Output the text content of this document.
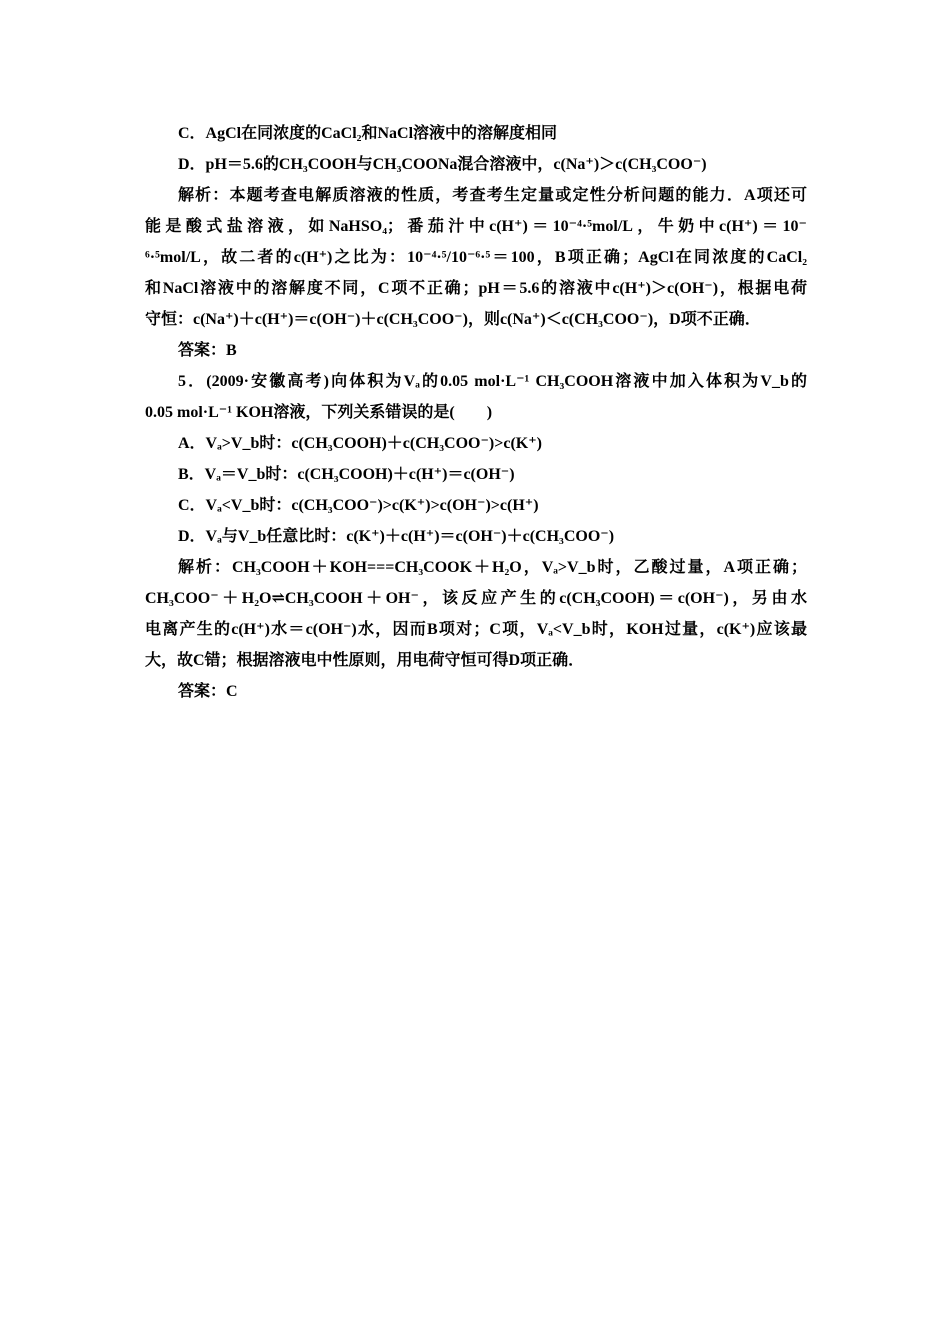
C．AgCl在同浓度的CaCl₂和NaCl溶液中的溶解度相同
D．pH＝5.6的CH₃COOH与CH₃COONa混合溶液中，c(Na⁺)＞c(CH₃COO⁻)
解析：本题考查电解质溶液的性质，考查考生定量或定性分析问题的能力．A项还可
能是酸式盐溶液，如NaHSO₄；番茄汁中c(H⁺)＝10⁻⁴·⁵mol/L，牛奶中c(H⁺)＝10⁻
⁶·⁵mol/L，故二者的c(H⁺)之比为：10⁻⁴·⁵/10⁻⁶·⁵＝100，B项正确；AgCl在同浓度的CaCl₂
和NaCl溶液中的溶解度不同，C项不正确；pH＝5.6的溶液中c(H⁺)＞c(OH⁻)，根据电荷
守恒：c(Na⁺)＋c(H⁺)＝c(OH⁻)＋c(CH₃COO⁻)，则c(Na⁺)＜c(CH₃COO⁻)，D项不正确．
答案：B
5．(2009·安徽高考)向体积为Vₐ的0.05 mol·L⁻¹ CH₃COOH溶液中加入体积为V_b的
0.05 mol·L⁻¹ KOH溶液，下列关系错误的是(　　)
A．Vₐ>V_b时：c(CH₃COOH)＋c(CH₃COO⁻)>c(K⁺)
B．Vₐ＝V_b时：c(CH₃COOH)＋c(H⁺)＝c(OH⁻)
C．Vₐ<V_b时：c(CH₃COO⁻)>c(K⁺)>c(OH⁻)>c(H⁺)
D．Vₐ与V_b任意比时：c(K⁺)＋c(H⁺)＝c(OH⁻)＋c(CH₃COO⁻)
解析：CH₃COOH＋KOH===CH₃COOK＋H₂O，Vₐ>V_b时，乙酸过量，A项正确；
CH₃COO⁻＋H₂O⇌CH₃COOH＋OH⁻，该反应产生的c(CH₃COOH)＝c(OH⁻)，另由水
电离产生的c(H⁺)水＝c(OH⁻)水，因而B项对；C项，Vₐ<V_b时，KOH过量，c(K⁺)应该最
大，故C错；根据溶液电中性原则，用电荷守恒可得D项正确．
答案：C
